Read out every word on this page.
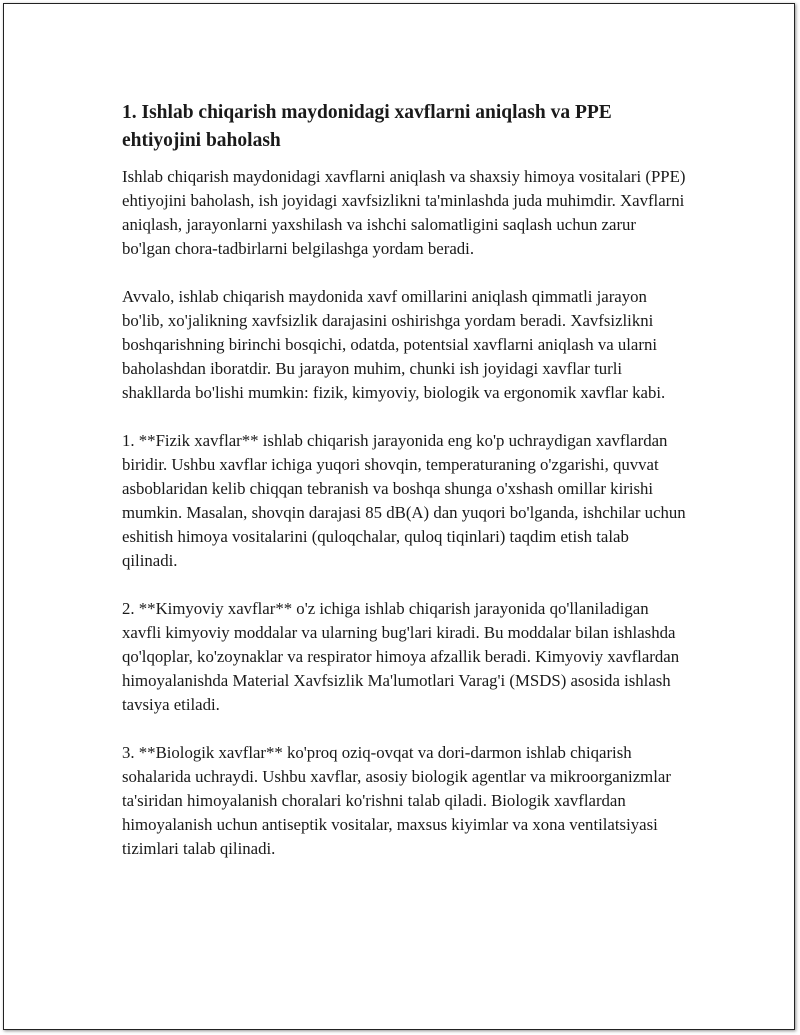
1. Ishlab chiqarish maydonidagi xavflarni aniqlash va PPE ehtiyojini baholash

Ishlab chiqarish maydonidagi xavflarni aniqlash va shaxsiy himoya vositalari (PPE) ehtiyojini baholash, ish joyidagi xavfsizlikni ta'minlashda juda muhimdir. Xavflarni aniqlash, jarayonlarni yaxshilash va ishchi salomatligini saqlash uchun zarur bo'lgan chora-tadbirlarni belgilashga yordam beradi.

Avvalo, ishlab chiqarish maydonida xavf omillarini aniqlash qimmatli jarayon bo'lib, xo'jalikning xavfsizlik darajasini oshirishga yordam beradi. Xavfsizlikni boshqarishning birinchi bosqichi, odatda, potentsial xavflarni aniqlash va ularni baholashdan iboratdir. Bu jarayon muhim, chunki ish joyidagi xavflar turli shakllarda bo'lishi mumkin: fizik, kimyoviy, biologik va ergonomik xavflar kabi.

1. **Fizik xavflar** ishlab chiqarish jarayonida eng ko'p uchraydigan xavflardan biridir. Ushbu xavflar ichiga yuqori shovqin, temperaturaning o'zgarishi, quvvat asboblaridan kelib chiqqan tebranish va boshqa shunga o'xshash omillar kirishi mumkin. Masalan, shovqin darajasi 85 dB(A) dan yuqori bo'lganda, ishchilar uchun eshitish himoya vositalarini (quloqchalar, quloq tiqinlari) taqdim etish talab qilinadi.

2. **Kimyoviy xavflar** o'z ichiga ishlab chiqarish jarayonida qo'llaniladigan xavfli kimyoviy moddalar va ularning bug'lari kiradi. Bu moddalar bilan ishlashda qo'lqoplar, ko'zoynaklar va respirator himoya afzallik beradi. Kimyoviy xavflardan himoyalanishda Material Xavfsizlik Ma'lumotlari Varag'i (MSDS) asosida ishlash tavsiya etiladi.

3. **Biologik xavflar** ko'proq oziq-ovqat va dori-darmon ishlab chiqarish sohalarida uchraydi. Ushbu xavflar, asosiy biologik agentlar va mikroorganizmlar ta'siridan himoyalanish choralari ko'rishni talab qiladi. Biologik xavflardan himoyalanish uchun antiseptik vositalar, maxsus kiyimlar va xona ventilatsiyasi tizimlari talab qilinadi.
